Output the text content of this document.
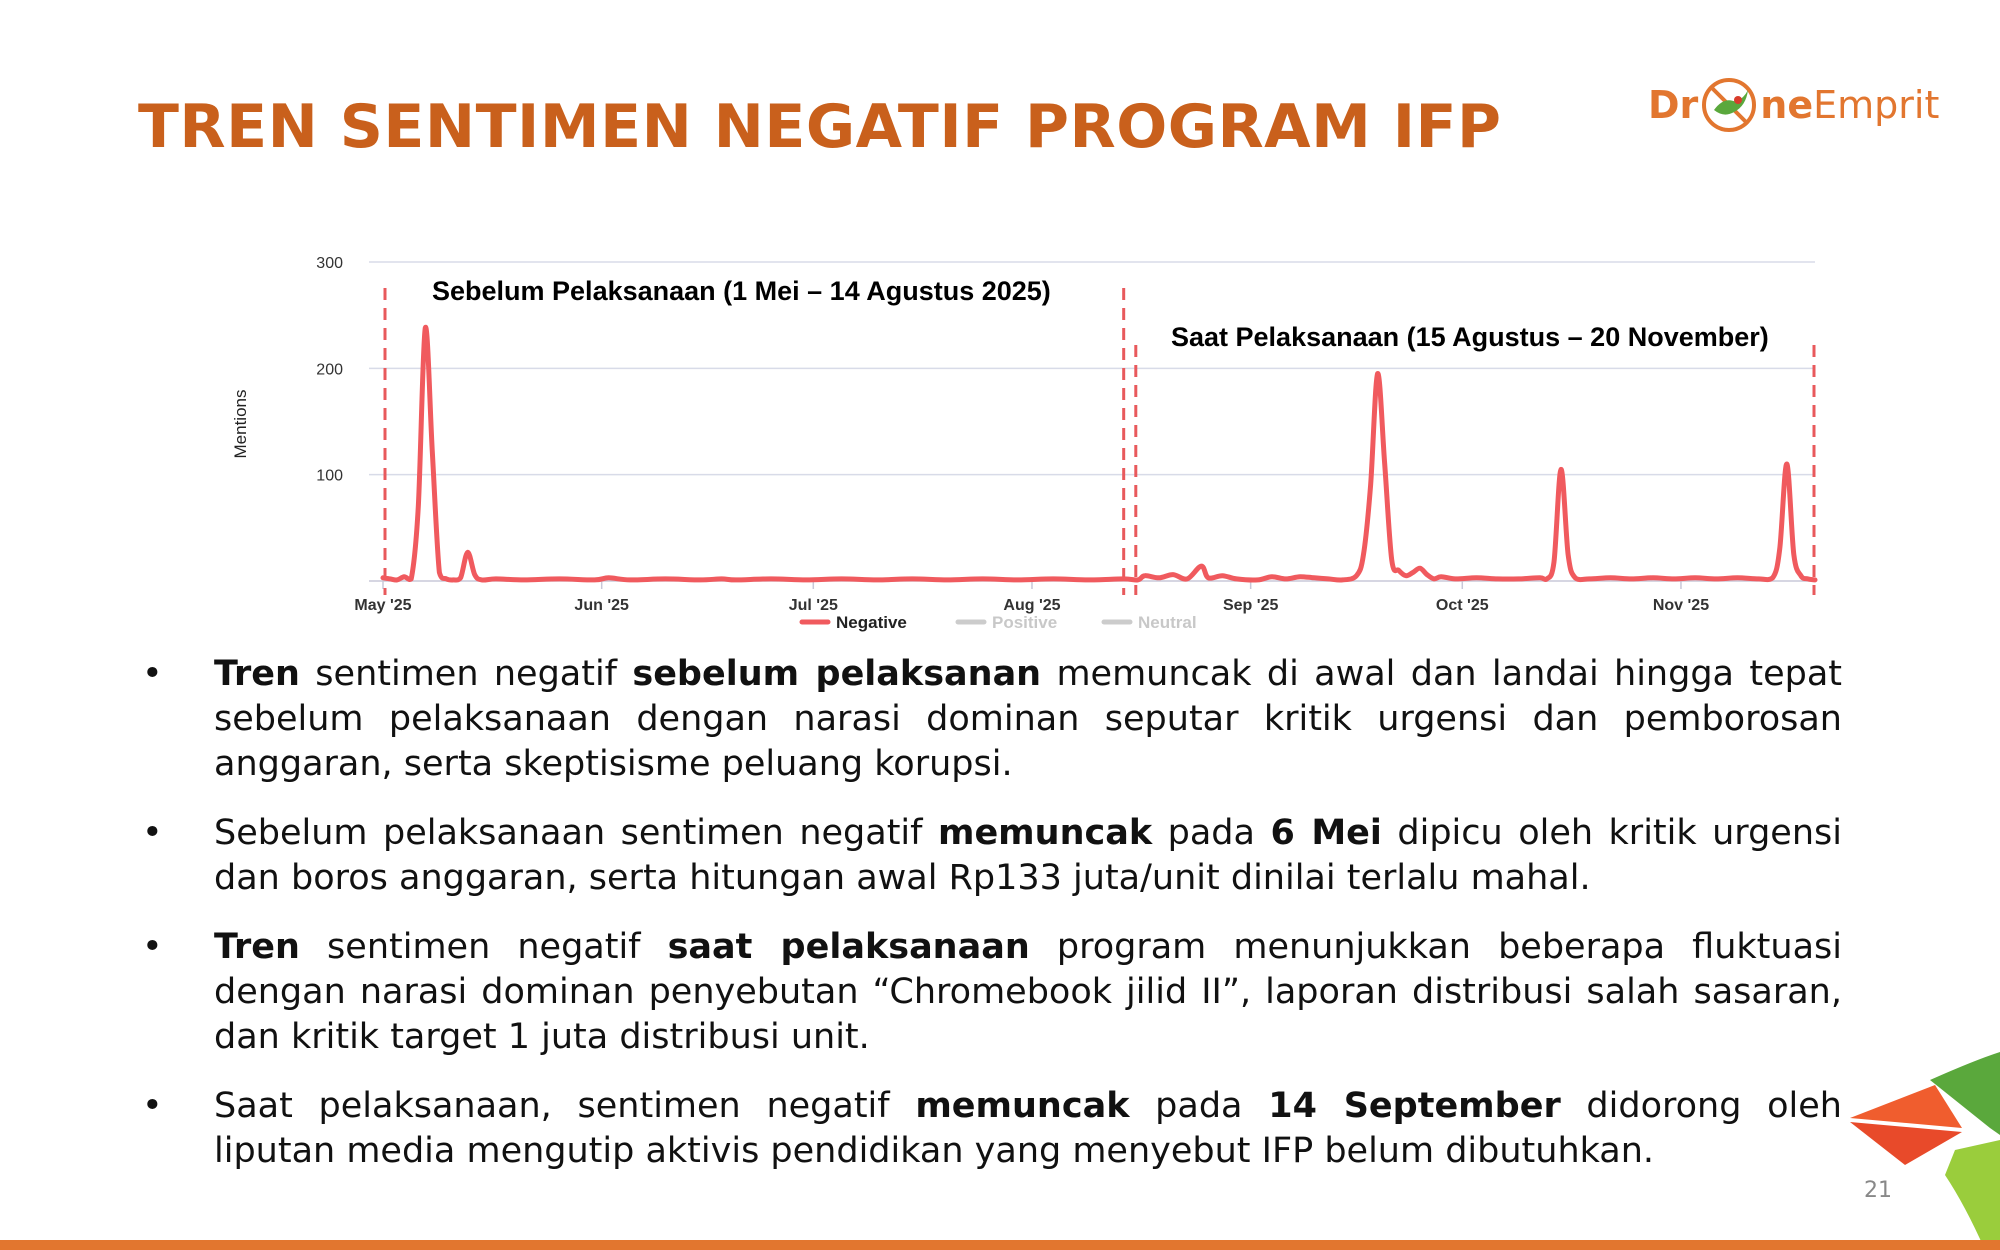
TREN SENTIMEN NEGATIF PROGRAM IFP	Dr ne Emprit
100
200
300
May '25	Jun '25	Jul '25	Aug '25	Sep '25	Oct '25	Nov '25
Sebelum Pelaksanaan (1 Mei – 14 Agustus 2025)
Saat Pelaksanaan (15 Agustus – 20 November)
Negative	Positive	Neutral
Mentions
• Tren sentimen negatif sebelum pelaksanan memuncak di awal dan landai hingga tepat sebelum pelaksanaan dengan narasi dominan seputar kritik urgensi dan pemborosan anggaran, serta skeptisisme peluang korupsi.
• Sebelum pelaksanaan sentimen negatif memuncak pada 6 Mei dipicu oleh kritik urgensi dan boros anggaran, serta hitungan awal Rp133 juta/unit dinilai terlalu mahal.
• Tren sentimen negatif saat pelaksanaan program menunjukkan beberapa fluktuasi dengan narasi dominan penyebutan “Chromebook jilid II”, laporan distribusi salah sasaran, dan kritik target 1 juta distribusi unit.
• Saat pelaksanaan, sentimen negatif memuncak pada 14 September didorong oleh liputan media mengutip aktivis pendidikan yang menyebut IFP belum dibutuhkan.
21
